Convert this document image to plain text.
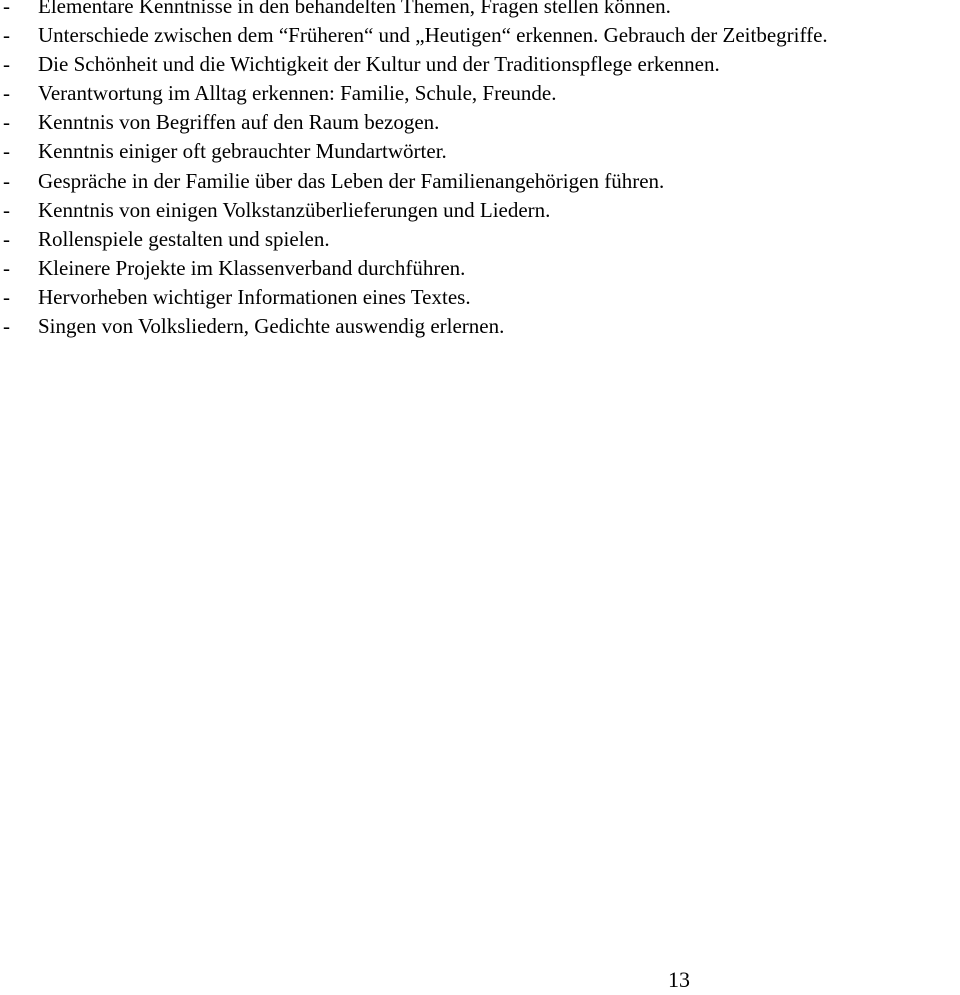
-	Elementare Kenntnisse in den behandelten Themen, Fragen stellen können.
-	Unterschiede zwischen dem “Früheren“ und „Heutigen“ erkennen. Gebrauch der Zeitbegriffe.
-	Die Schönheit und die Wichtigkeit der Kultur und der Traditionspflege erkennen.
-	Verantwortung im Alltag erkennen: Familie, Schule, Freunde.
-	Kenntnis von Begriffen auf den Raum bezogen.
-	Kenntnis einiger oft gebrauchter Mundartwörter.
-	Gespräche in der Familie über das Leben der Familienangehörigen führen.
-	Kenntnis von einigen Volkstanzüberlieferungen und Liedern.
-	Rollenspiele gestalten und spielen.
-	Kleinere Projekte im Klassenverband durchführen.
-	Hervorheben wichtiger Informationen eines Textes.
-	Singen von Volksliedern, Gedichte auswendig erlernen.
13
